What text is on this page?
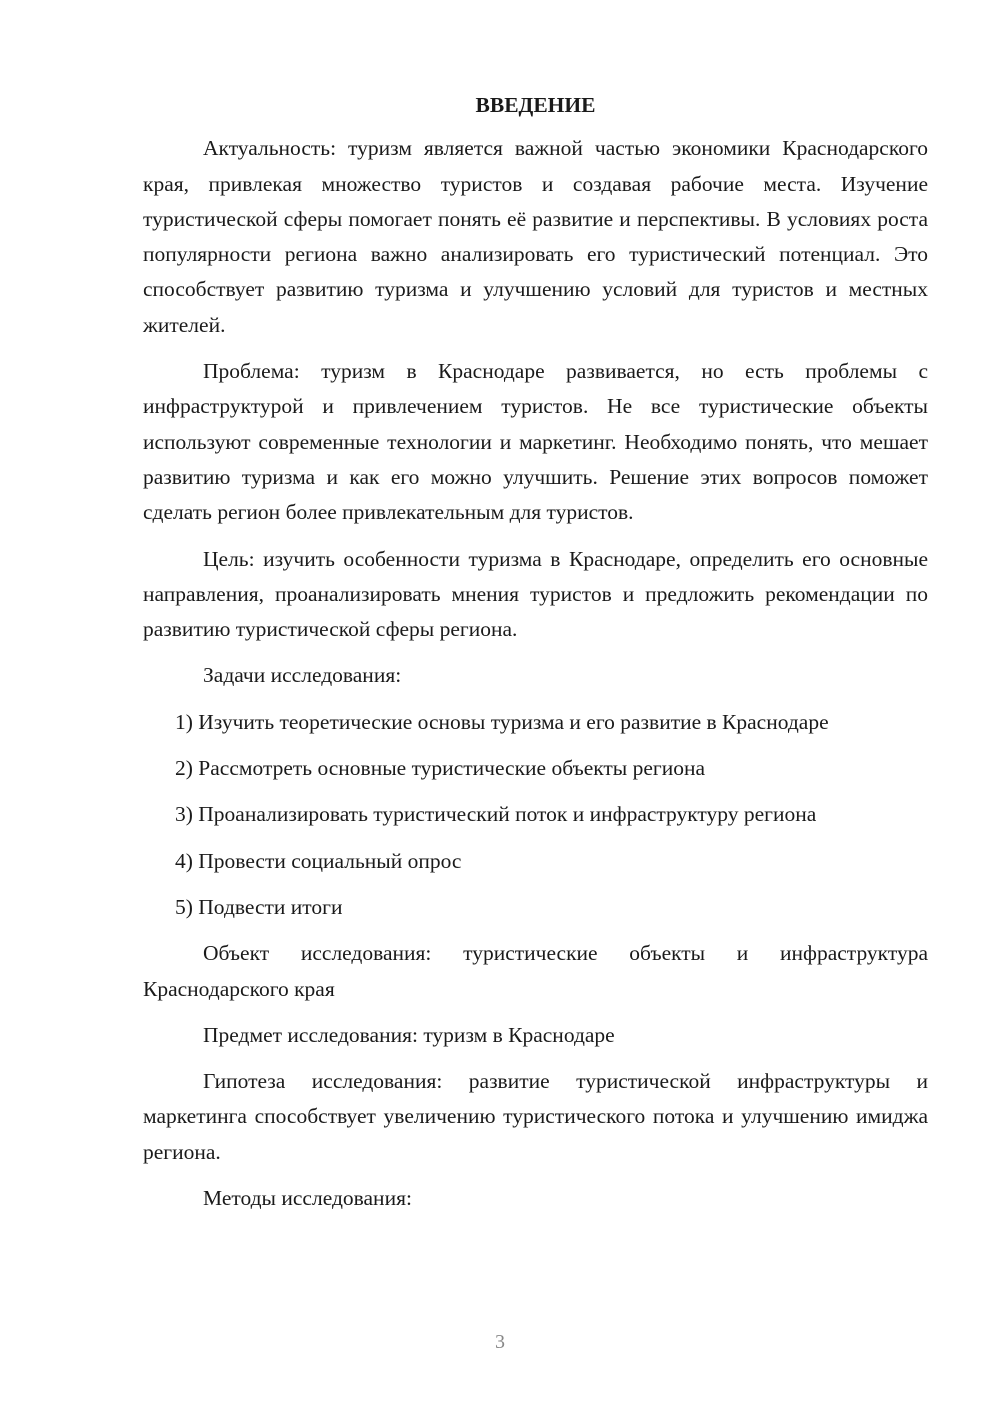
ВВЕДЕНИЕ

Актуальность: туризм является важной частью экономики Краснодарского края, привлекая множество туристов и создавая рабочие места. Изучение туристической сферы помогает понять её развитие и перспективы. В условиях роста популярности региона важно анализировать его туристический потенциал. Это способствует развитию туризма и улучшению условий для туристов и местных жителей.

Проблема: туризм в Краснодаре развивается, но есть проблемы с инфраструктурой и привлечением туристов. Не все туристические объекты используют современные технологии и маркетинг. Необходимо понять, что мешает развитию туризма и как его можно улучшить. Решение этих вопросов поможет сделать регион более привлекательным для туристов.

Цель: изучить особенности туризма в Краснодаре, определить его основные направления, проанализировать мнения туристов и предложить рекомендации по развитию туристической сферы региона.

Задачи исследования:

1) Изучить теоретические основы туризма и его развитие в Краснодаре

2) Рассмотреть основные туристические объекты региона

3) Проанализировать туристический поток и инфраструктуру региона

4) Провести социальный опрос

5) Подвести итоги

Объект исследования: туристические объекты и инфраструктура Краснодарского края

Предмет исследования: туризм в Краснодаре

Гипотеза исследования: развитие туристической инфраструктуры и маркетинга способствует увеличению туристического потока и улучшению имиджа региона.

Методы исследования:

3
